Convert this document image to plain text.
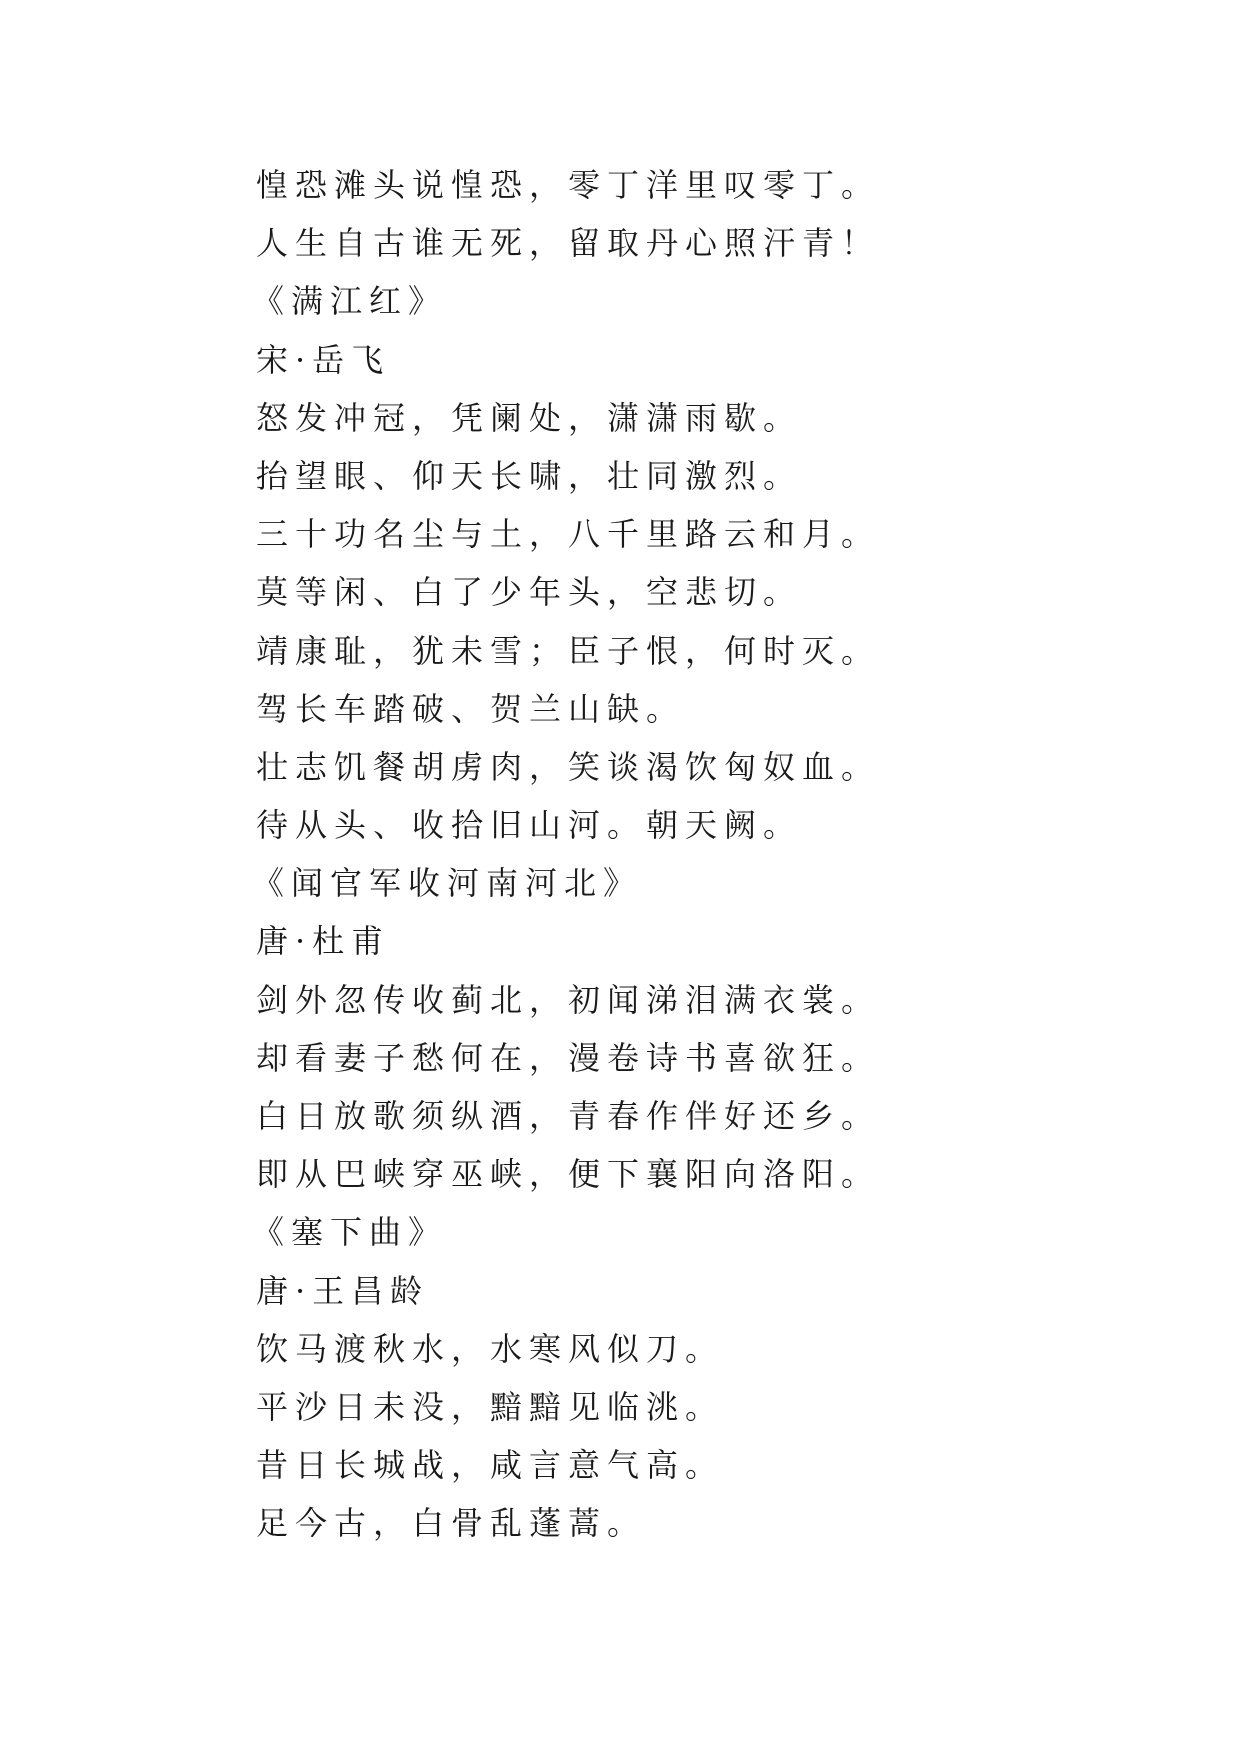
惶恐滩头说惶恐，零丁洋里叹零丁。

人生自古谁无死，留取丹心照汗青！

《满江红》

宋·岳飞

怒发冲冠，凭阑处，潇潇雨歇。

抬望眼、仰天长啸，壮同激烈。

三十功名尘与土，八千里路云和月。

莫等闲、白了少年头，空悲切。

靖康耻，犹未雪；臣子恨，何时灭。

驾长车踏破、贺兰山缺。

壮志饥餐胡虏肉，笑谈渴饮匈奴血。

待从头、收拾旧山河。朝天阙。

《闻官军收河南河北》

唐·杜甫

剑外忽传收蓟北，初闻涕泪满衣裳。

却看妻子愁何在，漫卷诗书喜欲狂。

白日放歌须纵酒，青春作伴好还乡。

即从巴峡穿巫峡，便下襄阳向洛阳。

《塞下曲》

唐·王昌龄

饮马渡秋水，水寒风似刀。

平沙日未没，黯黯见临洮。

昔日长城战，咸言意气高。

足今古，白骨乱蓬蒿。
